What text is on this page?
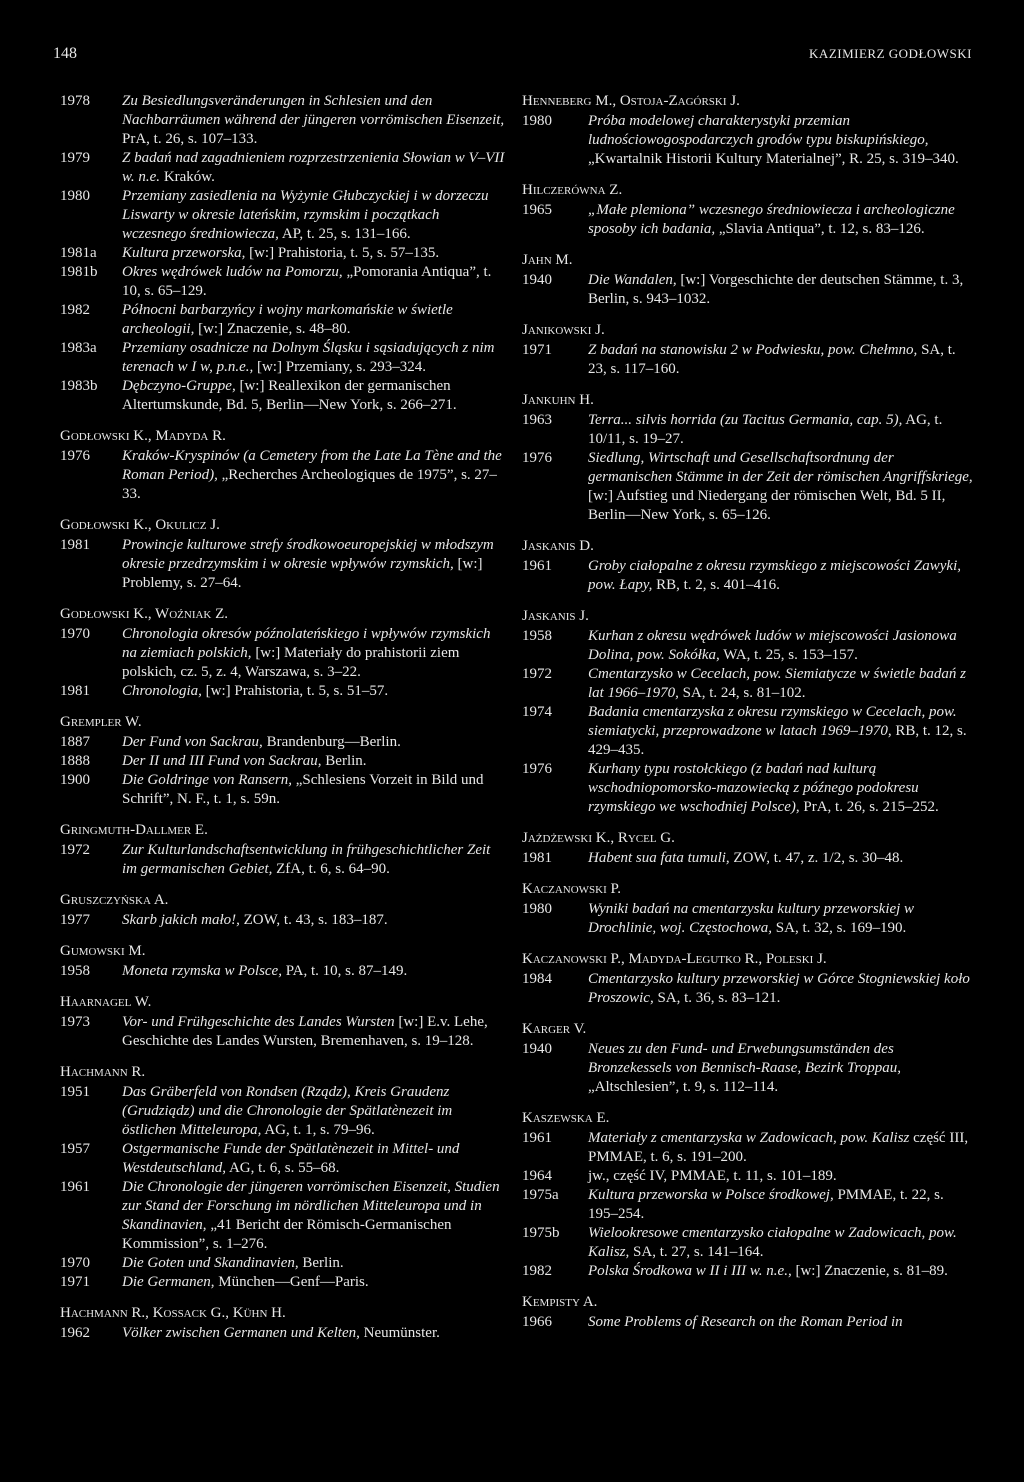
148	KAZIMIERZ GODŁOWSKI
1978	Zu Besiedlungsveränderungen in Schlesien und den Nachbarräumen während der jüngeren vorrömischen Eisenzeit, PrA, t. 26, s. 107–133.
1979	Z badań nad zagadnieniem rozprzestrzenienia Słowian w V–VII w. n.e. Kraków.
1980	Przemiany zasiedlenia na Wyżynie Głubczyckiej i w dorzeczu Liswarty w okresie lateńskim, rzymskim i początkach wczesnego średniowiecza, AP, t. 25, s. 131–166.
1981a	Kultura przeworska, [w:] Prahistoria, t. 5, s. 57–135.
1981b	Okres wędrówek ludów na Pomorzu, „Pomorania Antiqua”, t. 10, s. 65–129.
1982	Północni barbarzyńcy i wojny markomańskie w świetle archeologii, [w:] Znaczenie, s. 48–80.
1983a	Przemiany osadnicze na Dolnym Śląsku i sąsiadujących z nim terenach w I w, p.n.e., [w:] Przemiany, s. 293–324.
1983b	Dębczyno-Gruppe, [w:] Reallexikon der germanischen Altertumskunde, Bd. 5, Berlin—New York, s. 266–271.
Godłowski K., Madyda R.
1976	Kraków-Kryspinów (a Cemetery from the Late La Tène and the Roman Period), „Recherches Archeologiques de 1975”, s. 27–33.
Godłowski K., Okulicz J.
1981	Prowincje kulturowe strefy środkowoeuropejskiej w młodszym okresie przedrzymskim i w okresie wpływów rzymskich, [w:] Problemy, s. 27–64.
Godłowski K., Woźniak Z.
1970	Chronologia okresów późnolateńskiego i wpływów rzymskich na ziemiach polskich, [w:] Materiały do prahistorii ziem polskich, cz. 5, z. 4, Warszawa, s. 3–22.
1981	Chronologia, [w:] Prahistoria, t. 5, s. 51–57.
Grempler W.
1887	Der Fund von Sackrau, Brandenburg—Berlin.
1888	Der II und III Fund von Sackrau, Berlin.
1900	Die Goldringe von Ransern, „Schlesiens Vorzeit in Bild und Schrift”, N. F., t. 1, s. 59n.
Gringmuth-Dallmer E.
1972	Zur Kulturlandschaftsentwicklung in frühgeschichtlicher Zeit im germanischen Gebiet, ZfA, t. 6, s. 64–90.
Gruszczyńska A.
1977	Skarb jakich mało!, ZOW, t. 43, s. 183–187.
Gumowski M.
1958	Moneta rzymska w Polsce, PA, t. 10, s. 87–149.
Haarnagel W.
1973	Vor- und Frühgeschichte des Landes Wursten [w:] E.v. Lehe, Geschichte des Landes Wursten, Bremenhaven, s. 19–128.
Hachmann R.
1951	Das Gräberfeld von Rondsen (Rządz), Kreis Graudenz (Grudziądz) und die Chronologie der Spätlatènezeit im östlichen Mitteleuropa, AG, t. 1, s. 79–96.
1957	Ostgermanische Funde der Spätlatènezeit in Mittel- und Westdeutschland, AG, t. 6, s. 55–68.
1961	Die Chronologie der jüngeren vorrömischen Eisenzeit, Studien zur Stand der Forschung im nördlichen Mitteleuropa und in Skandinavien, „41 Bericht der Römisch-Germanischen Kommission”, s. 1–276.
1970	Die Goten und Skandinavien, Berlin.
1971	Die Germanen, München—Genf—Paris.
Hachmann R., Kossack G., Kühn H.
1962	Völker zwischen Germanen und Kelten, Neumünster.
Henneberg M., Ostoja-Zagórski J.
1980	Próba modelowej charakterystyki przemian ludnościowogospodarczych grodów typu biskupińskiego, „Kwartalnik Historii Kultury Materialnej”, R. 25, s. 319–340.
Hilczerówna Z.
1965	„Małe plemiona” wczesnego średniowiecza i archeologiczne sposoby ich badania, „Slavia Antiqua”, t. 12, s. 83–126.
Jahn M.
1940	Die Wandalen, [w:] Vorgeschichte der deutschen Stämme, t. 3, Berlin, s. 943–1032.
Janikowski J.
1971	Z badań na stanowisku 2 w Podwiesku, pow. Chełmno, SA, t. 23, s. 117–160.
Jankuhn H.
1963	Terra... silvis horrida (zu Tacitus Germania, cap. 5), AG, t. 10/11, s. 19–27.
1976	Siedlung, Wirtschaft und Gesellschaftsordnung der germanischen Stämme in der Zeit der römischen Angriffskriege, [w:] Aufstieg und Niedergang der römischen Welt, Bd. 5 II, Berlin—New York, s. 65–126.
Jaskanis D.
1961	Groby ciałopalne z okresu rzymskiego z miejscowości Zawyki, pow. Łapy, RB, t. 2, s. 401–416.
Jaskanis J.
1958	Kurhan z okresu wędrówek ludów w miejscowości Jasionowa Dolina, pow. Sokółka, WA, t. 25, s. 153–157.
1972	Cmentarzysko w Cecelach, pow. Siemiatycze w świetle badań z lat 1966–1970, SA, t. 24, s. 81–102.
1974	Badania cmentarzyska z okresu rzymskiego w Cecelach, pow. siemiatycki, przeprowadzone w latach 1969–1970, RB, t. 12, s. 429–435.
1976	Kurhany typu rostołckiego (z badań nad kulturą wschodniopomorsko-mazowiecką z późnego podokresu rzymskiego we wschodniej Polsce), PrA, t. 26, s. 215–252.
Jażdżewski K., Rycel G.
1981	Habent sua fata tumuli, ZOW, t. 47, z. 1/2, s. 30–48.
Kaczanowski P.
1980	Wyniki badań na cmentarzysku kultury przeworskiej w Drochlinie, woj. Częstochowa, SA, t. 32, s. 169–190.
Kaczanowski P., Madyda-Legutko R., Poleski J.
1984	Cmentarzysko kultury przeworskiej w Górce Stogniewskiej koło Proszowic, SA, t. 36, s. 83–121.
Karger V.
1940	Neues zu den Fund- und Erwebungsumständen des Bronzekessels von Bennisch-Raase, Bezirk Troppau, „Altschlesien”, t. 9, s. 112–114.
Kaszewska E.
1961	Materiały z cmentarzyska w Zadowicach, pow. Kalisz część III, PMMAE, t. 6, s. 191–200.
1964	jw., część IV, PMMAE, t. 11, s. 101–189.
1975a	Kultura przeworska w Polsce środkowej, PMMAE, t. 22, s. 195–254.
1975b	Wielookresowe cmentarzysko ciałopalne w Zadowicach, pow. Kalisz, SA, t. 27, s. 141–164.
1982	Polska Środkowa w II i III w. n.e., [w:] Znaczenie, s. 81–89.
Kempisty A.
1966	Some Problems of Research on the Roman Period in
